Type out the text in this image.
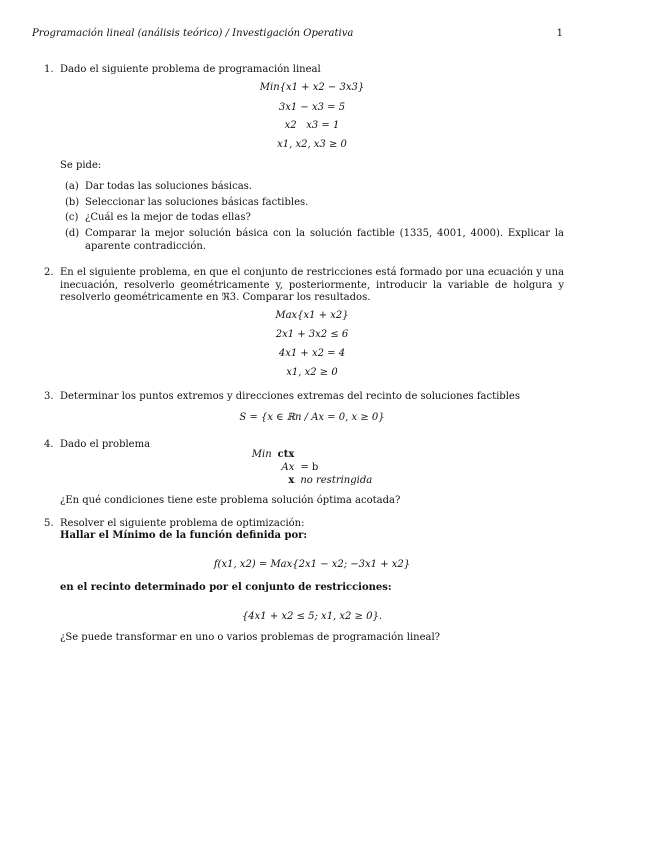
Programación lineal (análisis teórico) / Investigación Operativa	1
1. Dado el siguiente problema de programación lineal
Min{x1 + x2 − 3x3}
3x1 − x3 = 5
x2   x3 = 1
x1, x2, x3 ≥ 0
Se pide:
(a) Dar todas las soluciones básicas.
(b) Seleccionar las soluciones básicas factibles.
(c) ¿Cuál es la mejor de todas ellas?
(d) Comparar la mejor solución básica con la solución factible (1335, 4001, 4000). Explicar la aparente contradicción.
2. En el siguiente problema, en que el conjunto de restricciones está formado por una ecuación y una inecuación, resolverlo geométricamente y, posteriormente, introducir la variable de holgura y resolverlo geométricamente en ℜ3. Comparar los resultados.
Max{x1 + x2}
2x1 + 3x2 ≤ 6
4x1 + x2 = 4
x1, x2 ≥ 0
3. Determinar los puntos extremos y direcciones extremas del recinto de soluciones factibles
S = {x ∈ ℝn / Ax = 0, x ≥ 0}
4. Dado el problema
Min	ctx	
	Ax	= b
	x	no restringida
¿En qué condiciones tiene este problema solución óptima acotada?
5. Resolver el siguiente problema de optimización:
Hallar el Mínimo de la función definida por:
f(x1, x2) = Max{2x1 − x2; −3x1 + x2}
en el recinto determinado por el conjunto de restricciones:
{4x1 + x2 ≤ 5; x1, x2 ≥ 0}.
¿Se puede transformar en uno o varios problemas de programación lineal?
